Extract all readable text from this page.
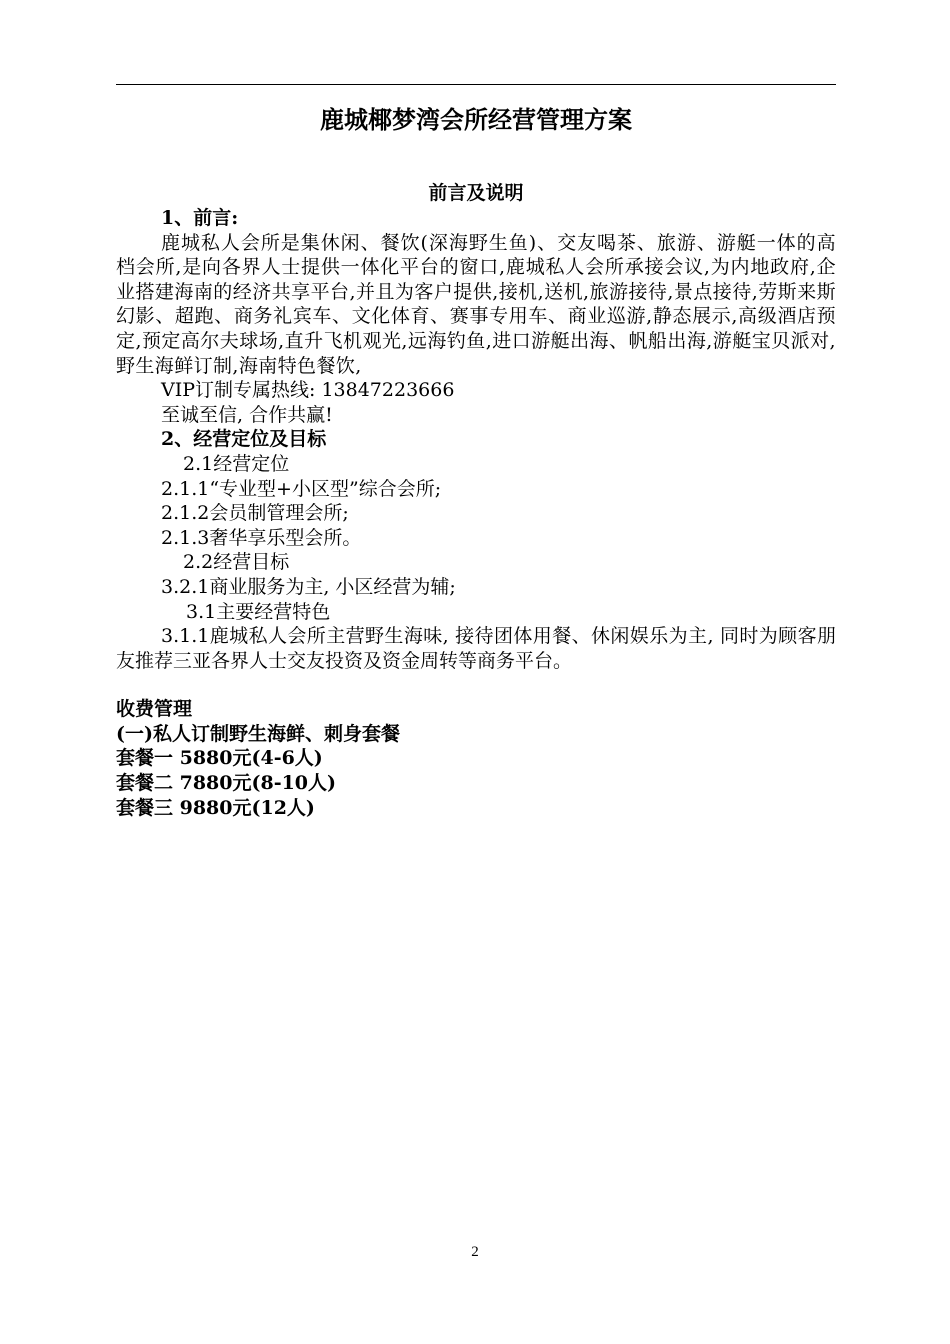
鹿城椰梦湾会所经营管理方案
前言及说明

1、前言:

鹿城私人会所是集休闲、餐饮(深海野生鱼)、交友喝茶、旅游、游艇一体的高档会所,是向各界人士提供一体化平台的窗口,鹿城私人会所承接会议,为内地政府,企业搭建海南的经济共享平台,并且为客户提供,接机,送机,旅游接待,景点接待,劳斯来斯幻影、超跑、商务礼宾车、文化体育、赛事专用车、商业巡游,静态展示,高级酒店预定,预定高尔夫球场,直升飞机观光,远海钓鱼,进口游艇出海、帆船出海,游艇宝贝派对,野生海鲜订制,海南特色餐饮,

VIP订制专属热线: 13847223666

至诚至信, 合作共赢!

2、经营定位及目标

2.1经营定位

2.1.1“专业型+小区型”综合会所;

2.1.2会员制管理会所;

2.1.3奢华享乐型会所。

2.2经营目标

3.2.1商业服务为主, 小区经营为辅;

3.1主要经营特色

3.1.1鹿城私人会所主营野生海味, 接待团体用餐、休闲娱乐为主, 同时为顾客朋友推荐三亚各界人士交友投资及资金周转等商务平台。

收费管理

(一)私人订制野生海鲜、刺身套餐

套餐一 5880元(4-6人)

套餐二 7880元(8-10人)

套餐三 9880元(12人)

2
